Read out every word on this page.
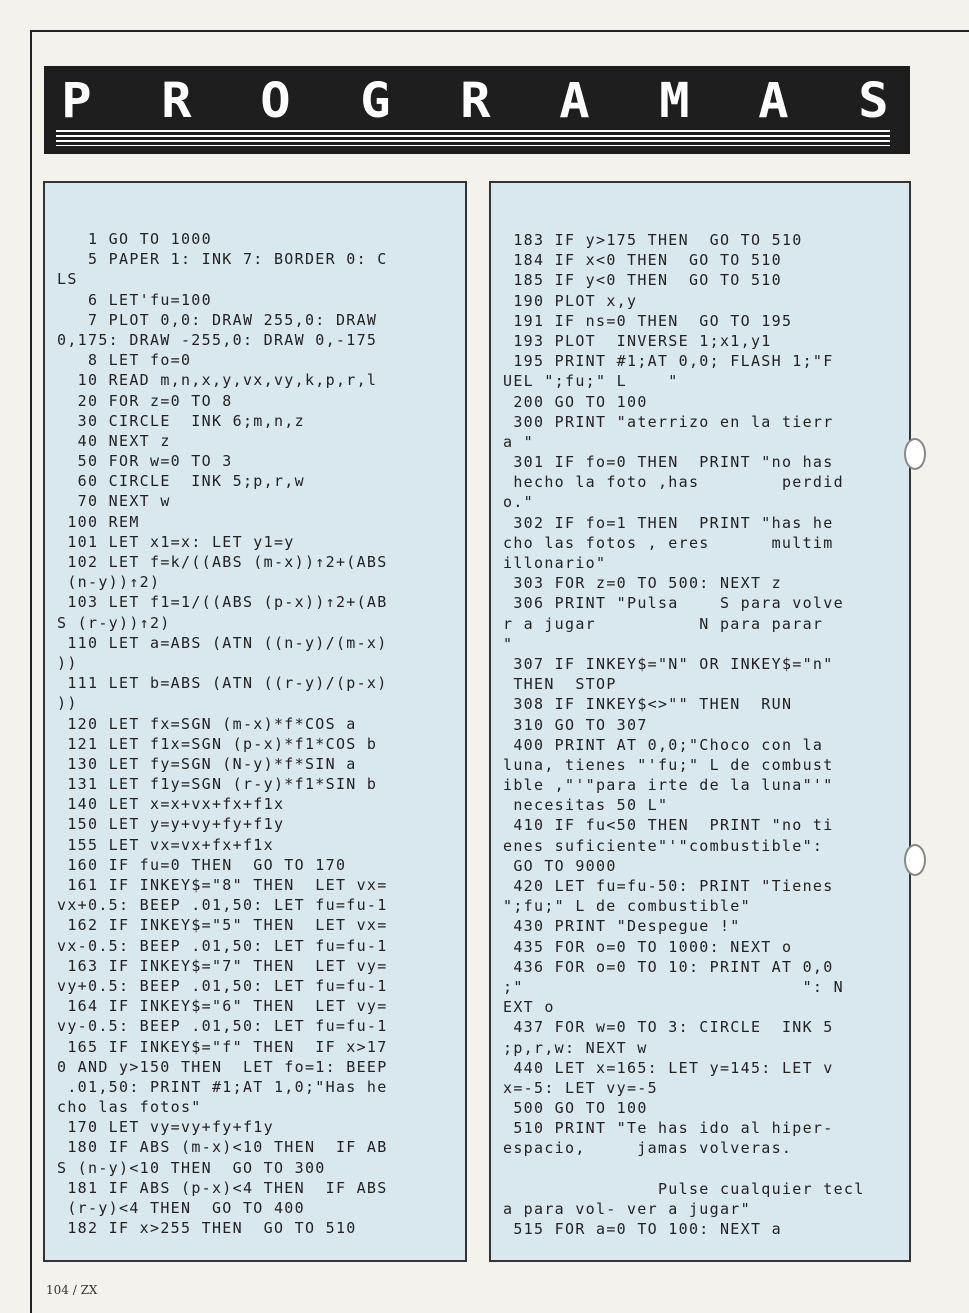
P R O G R A M A S
1 GO TO 1000
5 PAPER 1: INK 7: BORDER 0: C
LS
6 LET'fu=100
7 PLOT 0,0: DRAW 255,0: DRAW
0,175: DRAW -255,0: DRAW 0,-175
8 LET fo=0
10 READ m,n,x,y,vx,vy,k,p,r,l
20 FOR z=0 TO 8
30 CIRCLE  INK 6;m,n,z
40 NEXT z
50 FOR w=0 TO 3
60 CIRCLE  INK 5;p,r,w
70 NEXT w
100 REM
101 LET x1=x: LET y1=y
102 LET f=k/((ABS (m-x))↑2+(ABS
(n-y))↑2)
103 LET f1=1/((ABS (p-x))↑2+(AB
S (r-y))↑2)
110 LET a=ABS (ATN ((n-y)/(m-x)
))
111 LET b=ABS (ATN ((r-y)/(p-x)
))
120 LET fx=SGN (m-x)*f*COS a
121 LET f1x=SGN (p-x)*f1*COS b
130 LET fy=SGN (N-y)*f*SIN a
131 LET f1y=SGN (r-y)*f1*SIN b
140 LET x=x+vx+fx+f1x
150 LET y=y+vy+fy+f1y
155 LET vx=vx+fx+f1x
160 IF fu=0 THEN  GO TO 170
161 IF INKEY$="8" THEN  LET vx=
vx+0.5: BEEP .01,50: LET fu=fu-1
162 IF INKEY$="5" THEN  LET vx=
vx-0.5: BEEP .01,50: LET fu=fu-1
163 IF INKEY$="7" THEN  LET vy=
vy+0.5: BEEP .01,50: LET fu=fu-1
164 IF INKEY$="6" THEN  LET vy=
vy-0.5: BEEP .01,50: LET fu=fu-1
165 IF INKEY$="f" THEN  IF x>17
0 AND y>150 THEN  LET fo=1: BEEP
.01,50: PRINT #1;AT 1,0;"Has he
cho las fotos"
170 LET vy=vy+fy+f1y
180 IF ABS (m-x)<10 THEN  IF AB
S (n-y)<10 THEN  GO TO 300
181 IF ABS (p-x)<4 THEN  IF ABS
(r-y)<4 THEN  GO TO 400
182 IF x>255 THEN  GO TO 510
183 IF y>175 THEN  GO TO 510
184 IF x<0 THEN  GO TO 510
185 IF y<0 THEN  GO TO 510
190 PLOT x,y
191 IF ns=0 THEN  GO TO 195
193 PLOT  INVERSE 1;x1,y1
195 PRINT #1;AT 0,0; FLASH 1;"F
UEL ";fu;" L    "
200 GO TO 100
300 PRINT "aterrizo en la tierr
a "
301 IF fo=0 THEN  PRINT "no has
hecho la foto ,has        perdid
o."
302 IF fo=1 THEN  PRINT "has he
cho las fotos , eres      multim
illonario"
303 FOR z=0 TO 500: NEXT z
306 PRINT "Pulsa    S para volve
r a jugar          N para parar
"
307 IF INKEY$="N" OR INKEY$="n"
THEN  STOP
308 IF INKEY$<>"" THEN  RUN
310 GO TO 307
400 PRINT AT 0,0;"Choco con la
luna, tienes "'fu;" L de combust
ible ,"'"para irte de la luna"'"
necesitas 50 L"
410 IF fu<50 THEN  PRINT "no ti
enes suficiente"'"combustible":
GO TO 9000
420 LET fu=fu-50: PRINT "Tienes
";fu;" L de combustible"
430 PRINT "Despegue !"
435 FOR o=0 TO 1000: NEXT o
436 FOR o=0 TO 10: PRINT AT 0,0
;"                           ": N
EXT o
437 FOR w=0 TO 3: CIRCLE  INK 5
;p,r,w: NEXT w
440 LET x=165: LET y=145: LET v
x=-5: LET vy=-5
500 GO TO 100
510 PRINT "Te has ido al hiper-
espacio,     jamas volveras.
Pulse cualquier tecl
a para vol- ver a jugar"
515 FOR a=0 TO 100: NEXT a
104 / ZX
